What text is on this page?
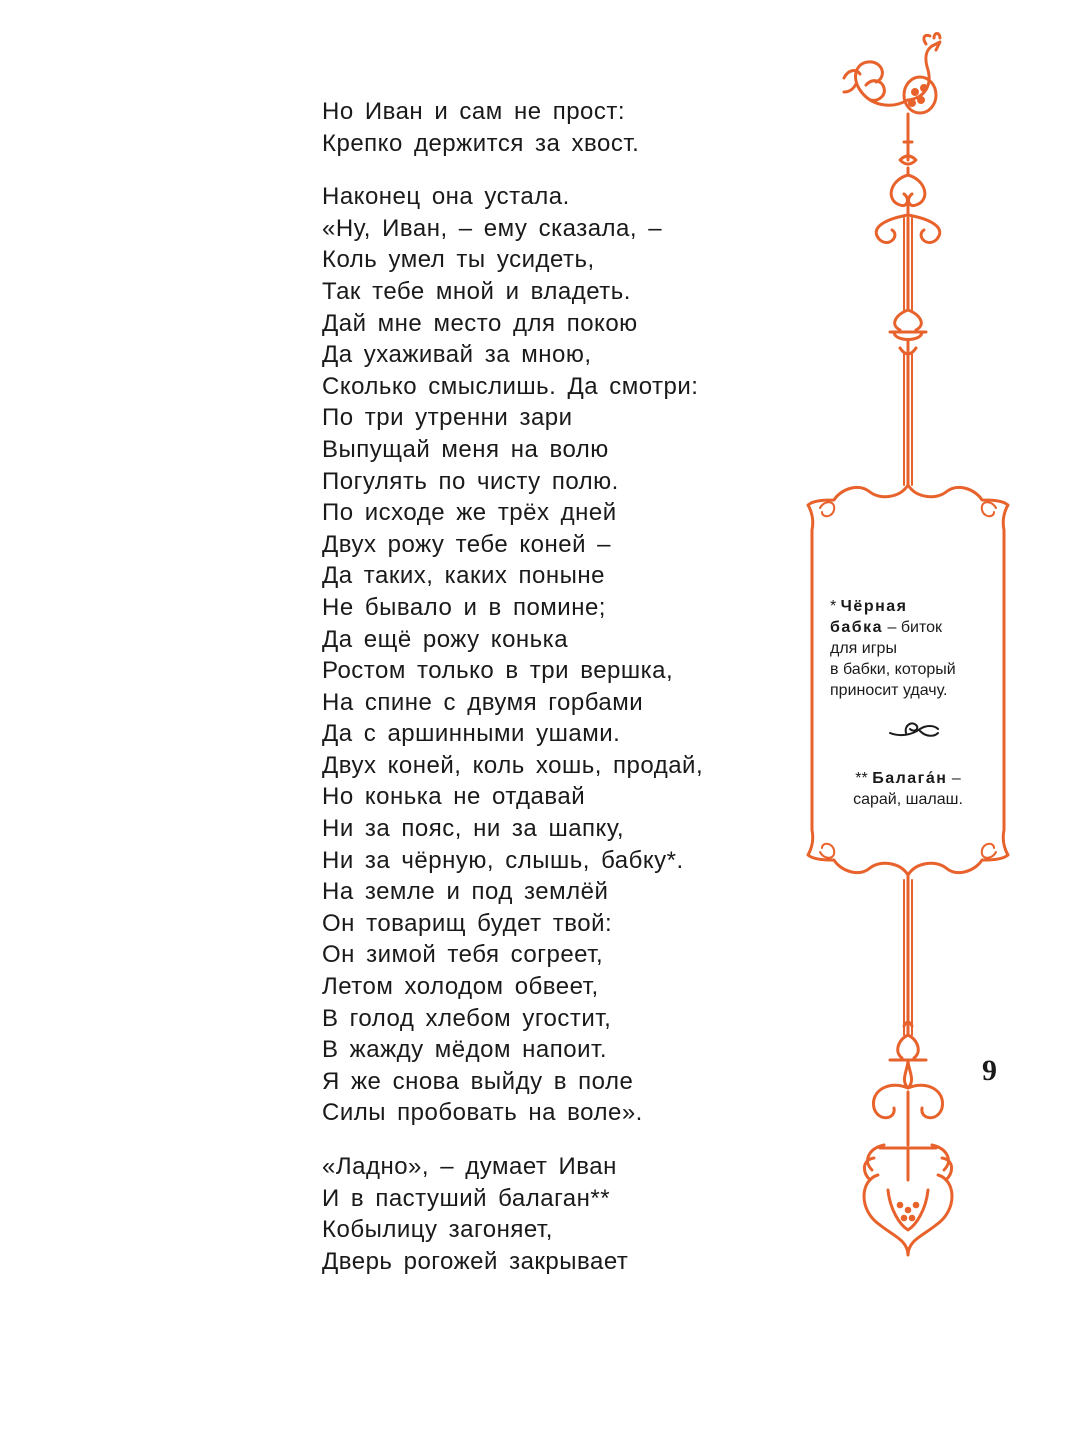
Но Иван и сам не прост:
Крепко держится за хвост.
Наконец она устала.
«Ну, Иван, – ему сказала, –
Коль умел ты усидеть,
Так тебе мной и владеть.
Дай мне место для покою
Да ухаживай за мною,
Сколько смыслишь. Да смотри:
По три утренни зари
Выпущай меня на волю
Погулять по чисту полю.
По исходе же трёх дней
Двух рожу тебе коней –
Да таких, каких поныне
Не бывало и в помине;
Да ещё рожу конька
Ростом только в три вершка,
На спине с двумя горбами
Да с аршинными ушами.
Двух коней, коль хошь, продай,
Но конька не отдавай
Ни за пояс, ни за шапку,
Ни за чёрную, слышь, бабку*.
На земле и под землёй
Он товарищ будет твой:
Он зимой тебя согреет,
Летом холодом обвеет,
В голод хлебом угостит,
В жажду мёдом напоит.
Я же снова выйду в поле
Силы пробовать на воле».
«Ладно», – думает Иван
И в пастуший балаган**
Кобылицу загоняет,
Дверь рогожей закрывает
* Чёрная
бабка – биток
для игры
в бабки, который
приносит удачу.
** Балага́н –
сарай, шалаш.
9
